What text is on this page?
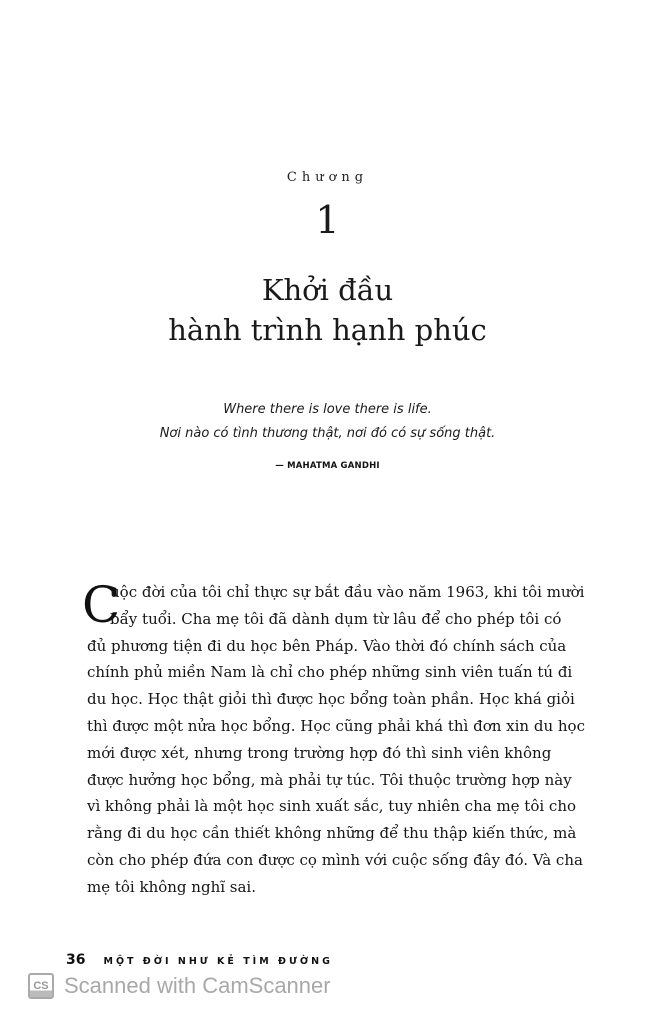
Chương
1
Khởi đầu
hành trình hạnh phúc
Where there is love there is life.
Nơi nào có tình thương thật, nơi đó có sự sống thật.
— MAHATMA GANDHI
C
uộc đời của tôi chỉ thực sự bắt đầu vào năm 1963, khi tôi mười
bẩy tuổi. Cha mẹ tôi đã dành dụm từ lâu để cho phép tôi có
đủ phương tiện đi du học bên Pháp. Vào thời đó chính sách của
chính phủ miền Nam là chỉ cho phép những sinh viên tuấn tú đi
du học. Học thật giỏi thì được học bổng toàn phần. Học khá giỏi
thì được một nửa học bổng. Học cũng phải khá thì đơn xin du học
mới được xét, nhưng trong trường hợp đó thì sinh viên không
được hưởng học bổng, mà phải tự túc. Tôi thuộc trường hợp này
vì không phải là một học sinh xuất sắc, tuy nhiên cha mẹ tôi cho
rằng đi du học cần thiết không những để thu thập kiến thức, mà
còn cho phép đứa con được cọ mình với cuộc sống đây đó. Và cha
mẹ tôi không nghĩ sai.
36 MỘT ĐỜI NHƯ KẺ TÌM ĐƯỜNG
CS Scanned with CamScanner
